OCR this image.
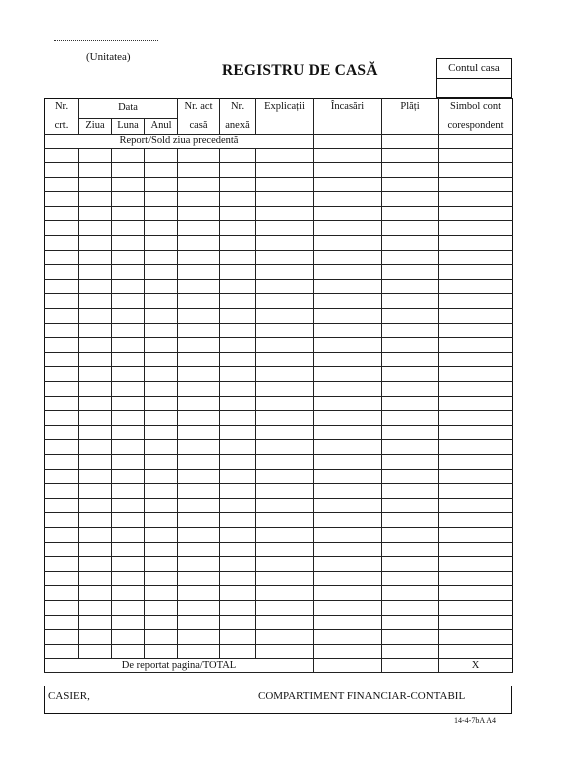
(Unitatea)
REGISTRU DE CASĂ	Contul casa
Nr.	Data			Nr. act	Nr.	Explicații	Încasări	Plăți	Simbol cont
crt.	Ziua	Luna	Anul	casă	anexă				corespondent
Report/Sold ziua precedentă									

De reportat pagina/TOTAL									X
CASIER,	COMPARTIMENT FINANCIAR-CONTABIL
14-4-7bA A4
